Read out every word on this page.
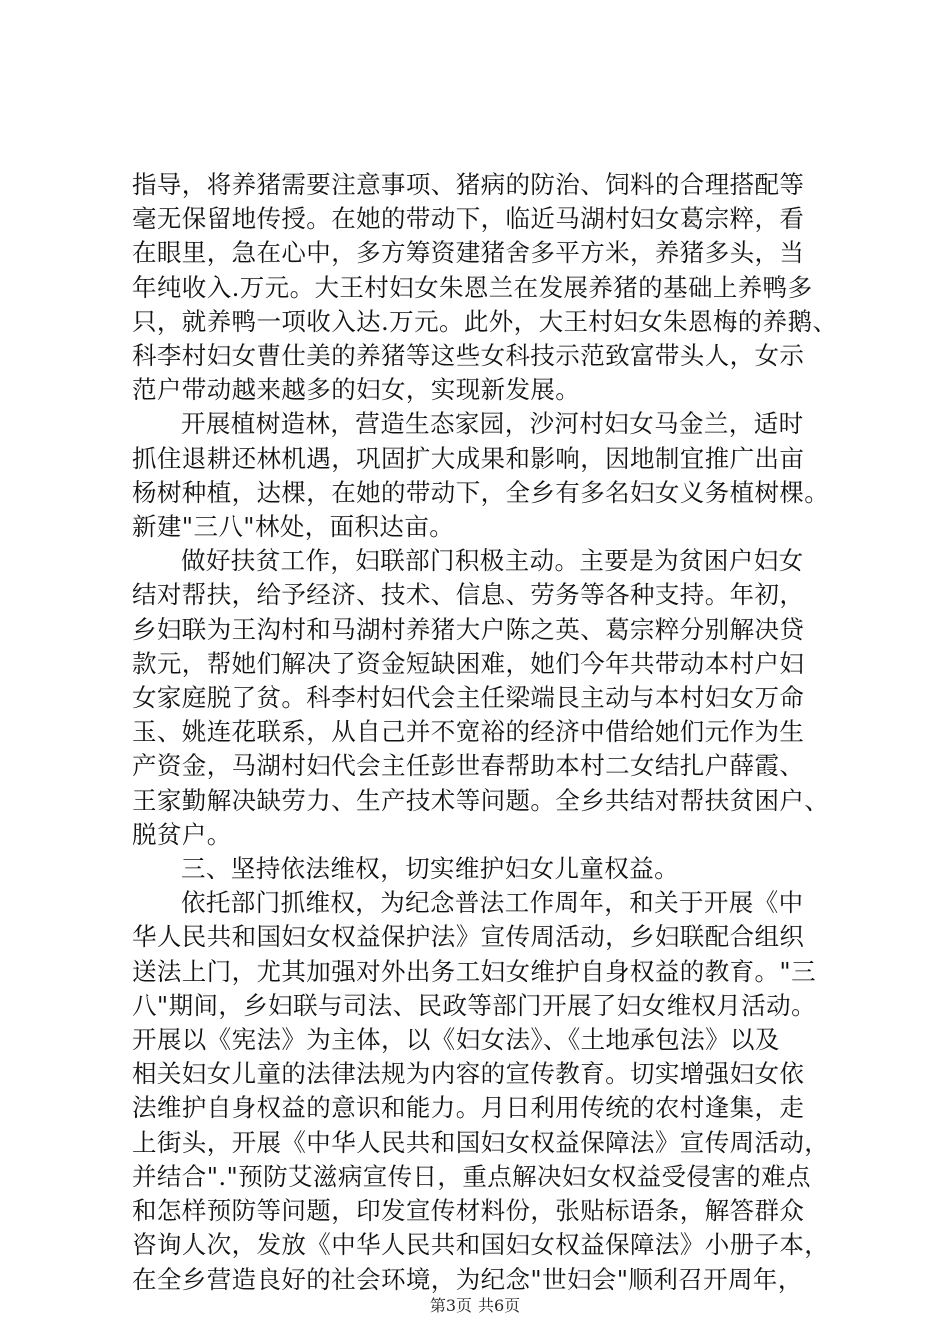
指导，将养猪需要注意事项、猪病的防治、饲料的合理搭配等
毫无保留地传授。在她的带动下，临近马湖村妇女葛宗粹，看
在眼里，急在心中，多方筹资建猪舍多平方米，养猪多头，当
年纯收入.万元。大王村妇女朱恩兰在发展养猪的基础上养鸭多
只，就养鸭一项收入达.万元。此外，大王村妇女朱恩梅的养鹅、
科李村妇女曹仕美的养猪等这些女科技示范致富带头人，女示
范户带动越来越多的妇女，实现新发展。

开展植树造林，营造生态家园，沙河村妇女马金兰，适时
抓住退耕还林机遇，巩固扩大成果和影响，因地制宜推广出亩
杨树种植，达棵，在她的带动下，全乡有多名妇女义务植树棵。
新建"三八"林处，面积达亩。

做好扶贫工作，妇联部门积极主动。主要是为贫困户妇女
结对帮扶，给予经济、技术、信息、劳务等各种支持。年初，
乡妇联为王沟村和马湖村养猪大户陈之英、葛宗粹分别解决贷
款元，帮她们解决了资金短缺困难，她们今年共带动本村户妇
女家庭脱了贫。科李村妇代会主任梁端艮主动与本村妇女万命
玉、姚连花联系，从自己并不宽裕的经济中借给她们元作为生
产资金，马湖村妇代会主任彭世春帮助本村二女结扎户薛霞、
王家勤解决缺劳力、生产技术等问题。全乡共结对帮扶贫困户、
脱贫户。

三、坚持依法维权，切实维护妇女儿童权益。

依托部门抓维权，为纪念普法工作周年，和关于开展《中
华人民共和国妇女权益保护法》宣传周活动，乡妇联配合组织
送法上门，尤其加强对外出务工妇女维护自身权益的教育。"三
八"期间，乡妇联与司法、民政等部门开展了妇女维权月活动。
开展以《宪法》为主体，以《妇女法》、《土地承包法》以及
相关妇女儿童的法律法规为内容的宣传教育。切实增强妇女依
法维护自身权益的意识和能力。月日利用传统的农村逢集，走
上街头，开展《中华人民共和国妇女权益保障法》宣传周活动，
并结合"."预防艾滋病宣传日，重点解决妇女权益受侵害的难点
和怎样预防等问题，印发宣传材料份，张贴标语条，解答群众
咨询人次，发放《中华人民共和国妇女权益保障法》小册子本，
在全乡营造良好的社会环境，为纪念"世妇会"顺利召开周年，

第3页 共6页
